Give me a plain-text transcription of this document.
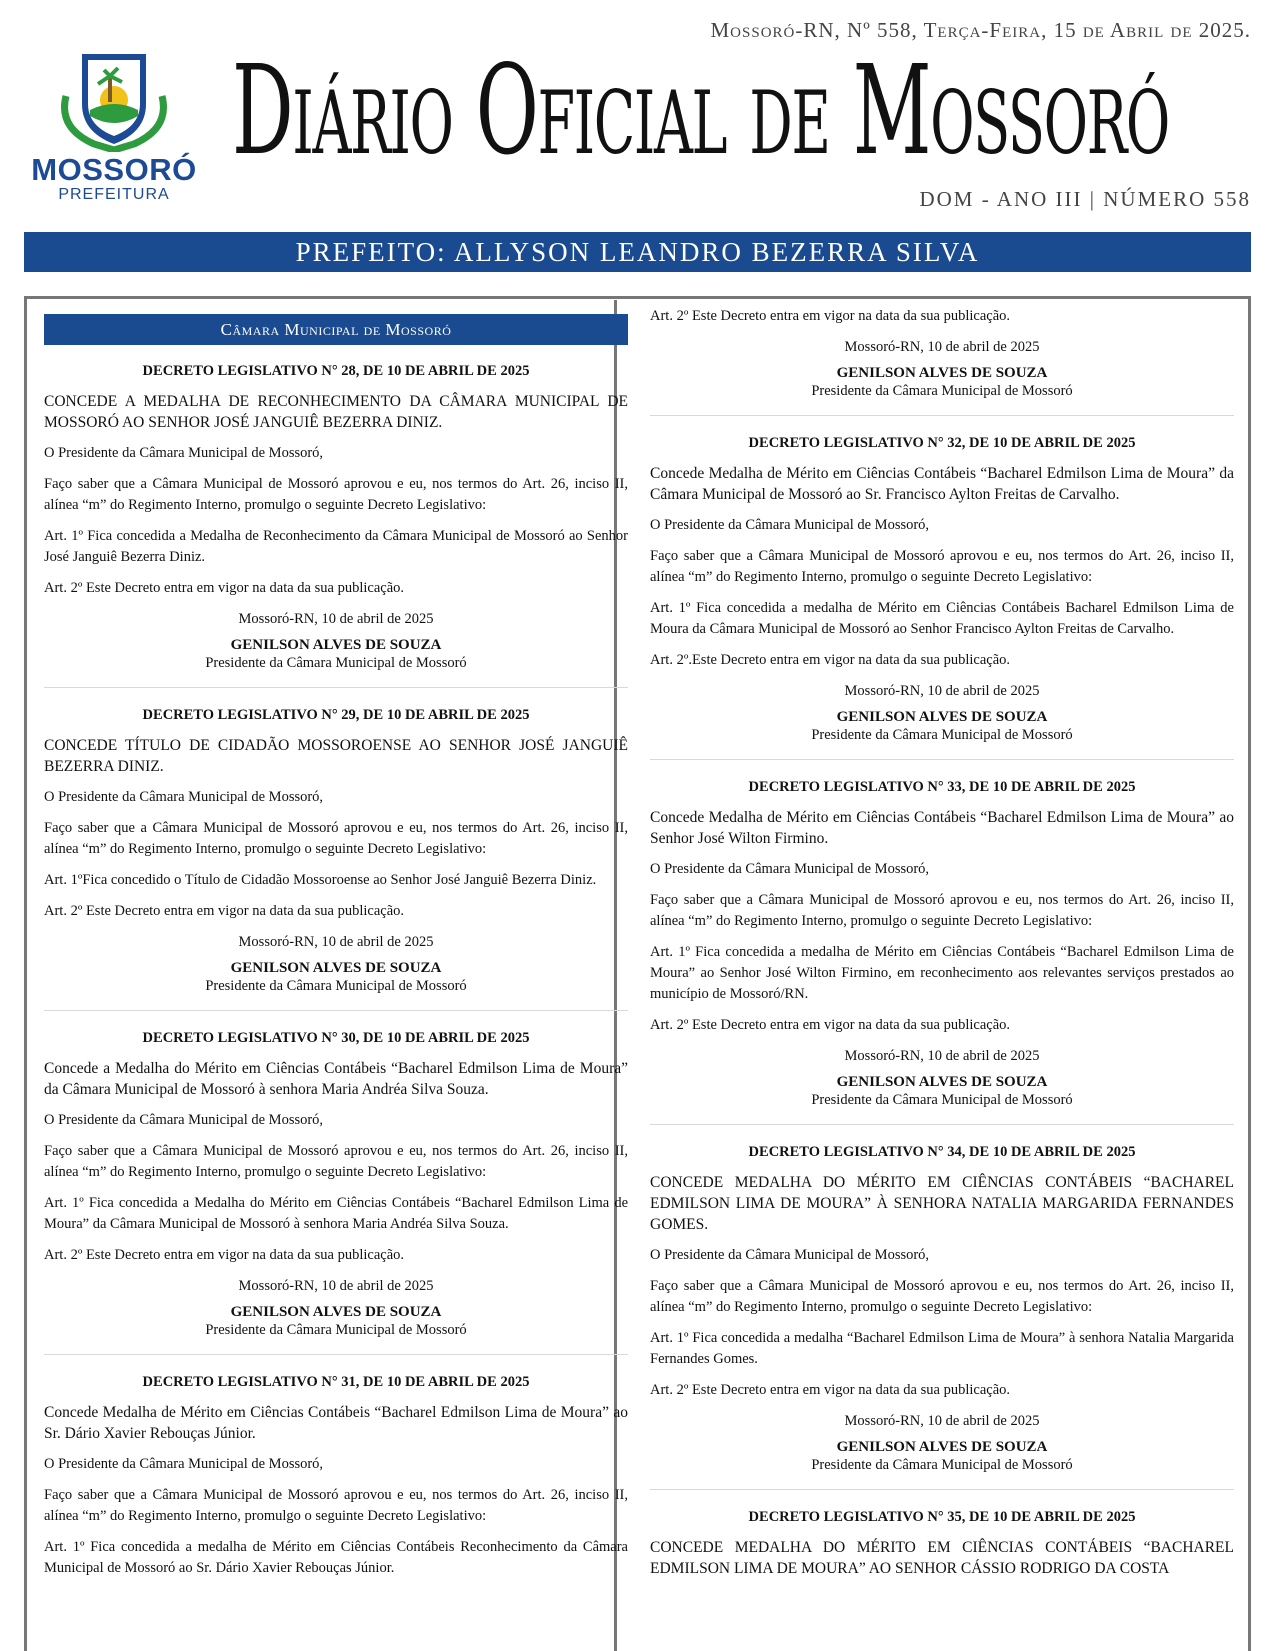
MOSSORÓ
PREFEITURA
Mossoró-RN, Nº 558, Terça-Feira, 15 de Abril de 2025.
Diário Oficial de Mossoró
DOM - ANO III | NÚMERO 558
PREFEITO: ALLYSON LEANDRO BEZERRA SILVA
Câmara Municipal de Mossoró
DECRETO LEGISLATIVO N° 28, DE 10 DE ABRIL DE 2025
CONCEDE A MEDALHA DE RECONHECIMENTO DA CÂMARA MUNICIPAL DE MOSSORÓ AO SENHOR JOSÉ JANGUIÊ BEZERRA DINIZ.
O Presidente da Câmara Municipal de Mossoró,
Faço saber que a Câmara Municipal de Mossoró aprovou e eu, nos termos do Art. 26, inciso II, alínea “m” do Regimento Interno, promulgo o seguinte Decreto Legislativo:
Art. 1º Fica concedida a Medalha de Reconhecimento da Câmara Municipal de Mossoró ao Senhor José Janguiê Bezerra Diniz.
Art. 2º Este Decreto entra em vigor na data da sua publicação.
Mossoró-RN, 10 de abril de 2025
GENILSON ALVES DE SOUZA
Presidente da Câmara Municipal de Mossoró
DECRETO LEGISLATIVO N° 29, DE 10 DE ABRIL DE 2025
CONCEDE TÍTULO DE CIDADÃO MOSSOROENSE AO SENHOR JOSÉ JANGUIÊ BEZERRA DINIZ.
O Presidente da Câmara Municipal de Mossoró,
Faço saber que a Câmara Municipal de Mossoró aprovou e eu, nos termos do Art. 26, inciso II, alínea “m” do Regimento Interno, promulgo o seguinte Decreto Legislativo:
Art. 1ºFica concedido o Título de Cidadão Mossoroense ao Senhor José Janguiê Bezerra Diniz.
Art. 2º Este Decreto entra em vigor na data da sua publicação.
Mossoró-RN, 10 de abril de 2025
GENILSON ALVES DE SOUZA
Presidente da Câmara Municipal de Mossoró
DECRETO LEGISLATIVO N° 30, DE 10 DE ABRIL DE 2025
Concede a Medalha do Mérito em Ciências Contábeis “Bacharel Edmilson Lima de Moura” da Câmara Municipal de Mossoró à senhora Maria Andréa Silva Souza.
O Presidente da Câmara Municipal de Mossoró,
Faço saber que a Câmara Municipal de Mossoró aprovou e eu, nos termos do Art. 26, inciso II, alínea “m” do Regimento Interno, promulgo o seguinte Decreto Legislativo:
Art. 1º Fica concedida a Medalha do Mérito em Ciências Contábeis “Bacharel Edmilson Lima de Moura” da Câmara Municipal de Mossoró à senhora Maria Andréa Silva Souza.
Art. 2º Este Decreto entra em vigor na data da sua publicação.
Mossoró-RN, 10 de abril de 2025
GENILSON ALVES DE SOUZA
Presidente da Câmara Municipal de Mossoró
DECRETO LEGISLATIVO N° 31, DE 10 DE ABRIL DE 2025
Concede Medalha de Mérito em Ciências Contábeis “Bacharel Edmilson Lima de Moura” ao Sr. Dário Xavier Rebouças Júnior.
O Presidente da Câmara Municipal de Mossoró,
Faço saber que a Câmara Municipal de Mossoró aprovou e eu, nos termos do Art. 26, inciso II, alínea “m” do Regimento Interno, promulgo o seguinte Decreto Legislativo:
Art. 1º Fica concedida a medalha de Mérito em Ciências Contábeis Reconhecimento da Câmara Municipal de Mossoró ao Sr. Dário Xavier Rebouças Júnior.
Art. 2º Este Decreto entra em vigor na data da sua publicação.
Mossoró-RN, 10 de abril de 2025
GENILSON ALVES DE SOUZA
Presidente da Câmara Municipal de Mossoró
DECRETO LEGISLATIVO N° 32, DE 10 DE ABRIL DE 2025
Concede Medalha de Mérito em Ciências Contábeis “Bacharel Edmilson Lima de Moura” da Câmara Municipal de Mossoró ao Sr. Francisco Aylton Freitas de Carvalho.
O Presidente da Câmara Municipal de Mossoró,
Faço saber que a Câmara Municipal de Mossoró aprovou e eu, nos termos do Art. 26, inciso II, alínea “m” do Regimento Interno, promulgo o seguinte Decreto Legislativo:
Art. 1º Fica concedida a medalha de Mérito em Ciências Contábeis Bacharel Edmilson Lima de Moura da Câmara Municipal de Mossoró ao Senhor Francisco Aylton Freitas de Carvalho.
Art. 2º.Este Decreto entra em vigor na data da sua publicação.
Mossoró-RN, 10 de abril de 2025
GENILSON ALVES DE SOUZA
Presidente da Câmara Municipal de Mossoró
DECRETO LEGISLATIVO N° 33, DE 10 DE ABRIL DE 2025
Concede Medalha de Mérito em Ciências Contábeis “Bacharel Edmilson Lima de Moura” ao Senhor José Wilton Firmino.
O Presidente da Câmara Municipal de Mossoró,
Faço saber que a Câmara Municipal de Mossoró aprovou e eu, nos termos do Art. 26, inciso II, alínea “m” do Regimento Interno, promulgo o seguinte Decreto Legislativo:
Art. 1º Fica concedida a medalha de Mérito em Ciências Contábeis “Bacharel Edmilson Lima de Moura” ao Senhor José Wilton Firmino, em reconhecimento aos relevantes serviços prestados ao município de Mossoró/RN.
Art. 2º Este Decreto entra em vigor na data da sua publicação.
Mossoró-RN, 10 de abril de 2025
GENILSON ALVES DE SOUZA
Presidente da Câmara Municipal de Mossoró
DECRETO LEGISLATIVO N° 34, DE 10 DE ABRIL DE 2025
CONCEDE MEDALHA DO MÉRITO EM CIÊNCIAS CONTÁBEIS “BACHAREL EDMILSON LIMA DE MOURA” À SENHORA NATALIA MARGARIDA FERNANDES GOMES.
O Presidente da Câmara Municipal de Mossoró,
Faço saber que a Câmara Municipal de Mossoró aprovou e eu, nos termos do Art. 26, inciso II, alínea “m” do Regimento Interno, promulgo o seguinte Decreto Legislativo:
Art. 1º Fica concedida a medalha “Bacharel Edmilson Lima de Moura” à senhora Natalia Margarida Fernandes Gomes.
Art. 2º Este Decreto entra em vigor na data da sua publicação.
Mossoró-RN, 10 de abril de 2025
GENILSON ALVES DE SOUZA
Presidente da Câmara Municipal de Mossoró
DECRETO LEGISLATIVO N° 35, DE 10 DE ABRIL DE 2025
CONCEDE MEDALHA DO MÉRITO EM CIÊNCIAS CONTÁBEIS “BACHAREL EDMILSON LIMA DE MOURA” AO SENHOR CÁSSIO RODRIGO DA COSTA
